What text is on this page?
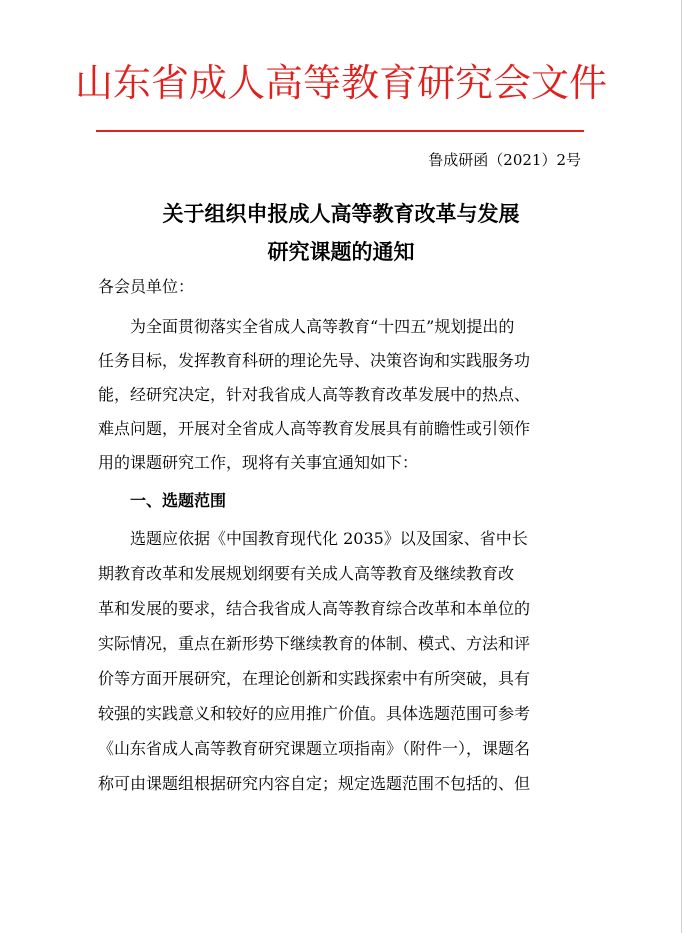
山东省成人高等教育研究会文件
鲁成研函（2021）2号
关于组织申报成人高等教育改革与发展
研究课题的通知
各会员单位：
为全面贯彻落实全省成人高等教育“十四五”规划提出的
任务目标，发挥教育科研的理论先导、决策咨询和实践服务功
能，经研究决定，针对我省成人高等教育改革发展中的热点、
难点问题，开展对全省成人高等教育发展具有前瞻性或引领作
用的课题研究工作，现将有关事宜通知如下：
一、选题范围
选题应依据《中国教育现代化 2035》以及国家、省中长
期教育改革和发展规划纲要有关成人高等教育及继续教育改
革和发展的要求，结合我省成人高等教育综合改革和本单位的
实际情况，重点在新形势下继续教育的体制、模式、方法和评
价等方面开展研究，在理论创新和实践探索中有所突破，具有
较强的实践意义和较好的应用推广价值。具体选题范围可参考
《山东省成人高等教育研究课题立项指南》（附件一），课题名
称可由课题组根据研究内容自定；规定选题范围不包括的、但
